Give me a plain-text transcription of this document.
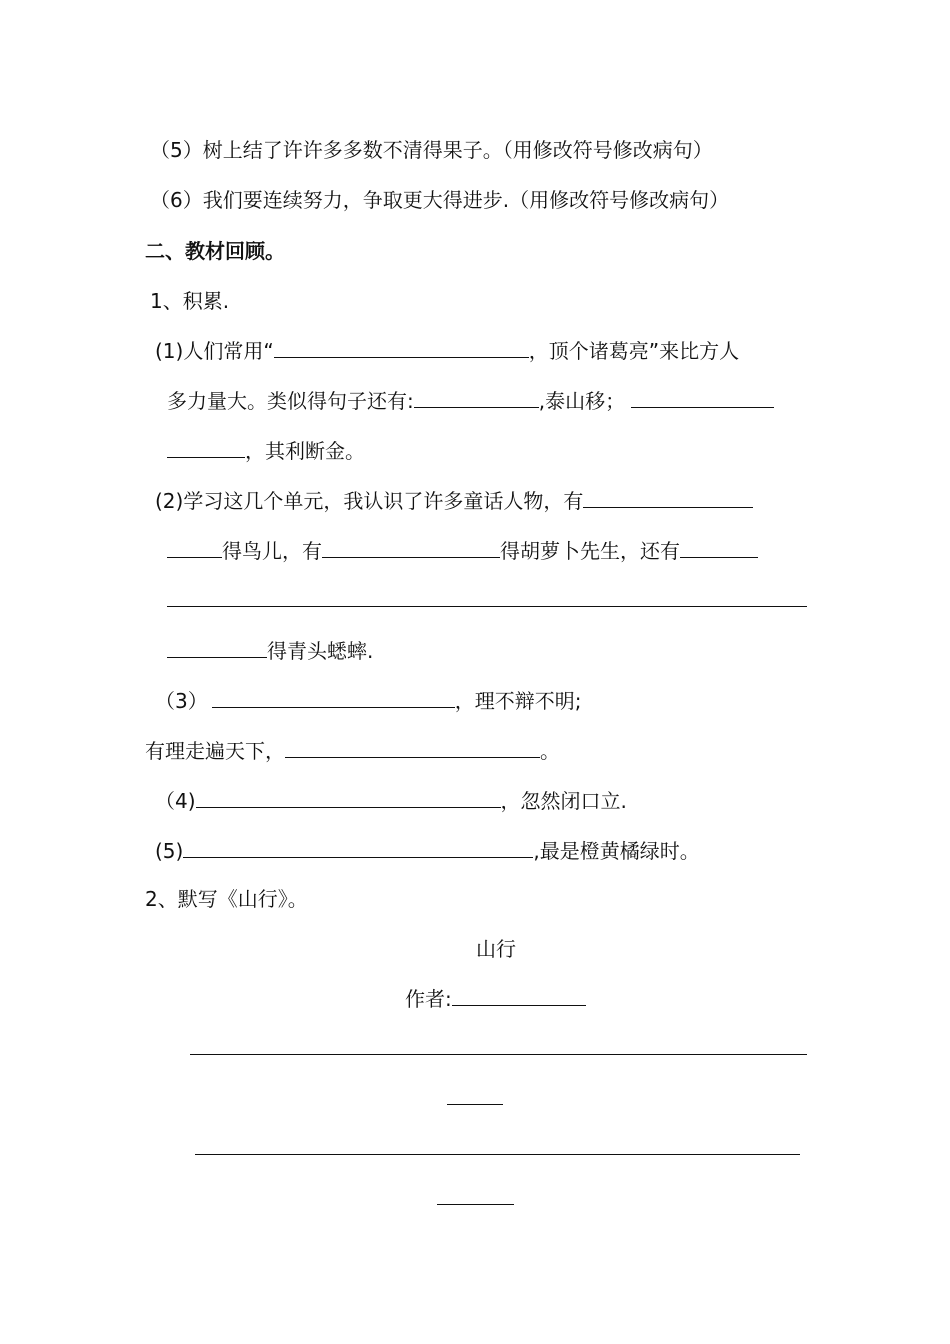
（5）树上结了许许多多数不清得果子。（用修改符号修改病句）
（6）我们要连续努力，争取更大得进步.（用修改符号修改病句）
二、教材回顾。
1、积累.
(1)人们常用“	，顶个诸葛亮”来比方人
多力量大。类似得句子还有:	,泰山移；
，其利断金。
(2)学习这几个单元，我认识了许多童话人物，有
得鸟儿，有	得胡萝卜先生，还有
得青头蟋蟀.
（3）	，理不辩不明;
有理走遍天下，	。
（4)	，忽然闭口立.
(5)	,最是橙黄橘绿时。
2、默写《山行》。
山行
作者:
